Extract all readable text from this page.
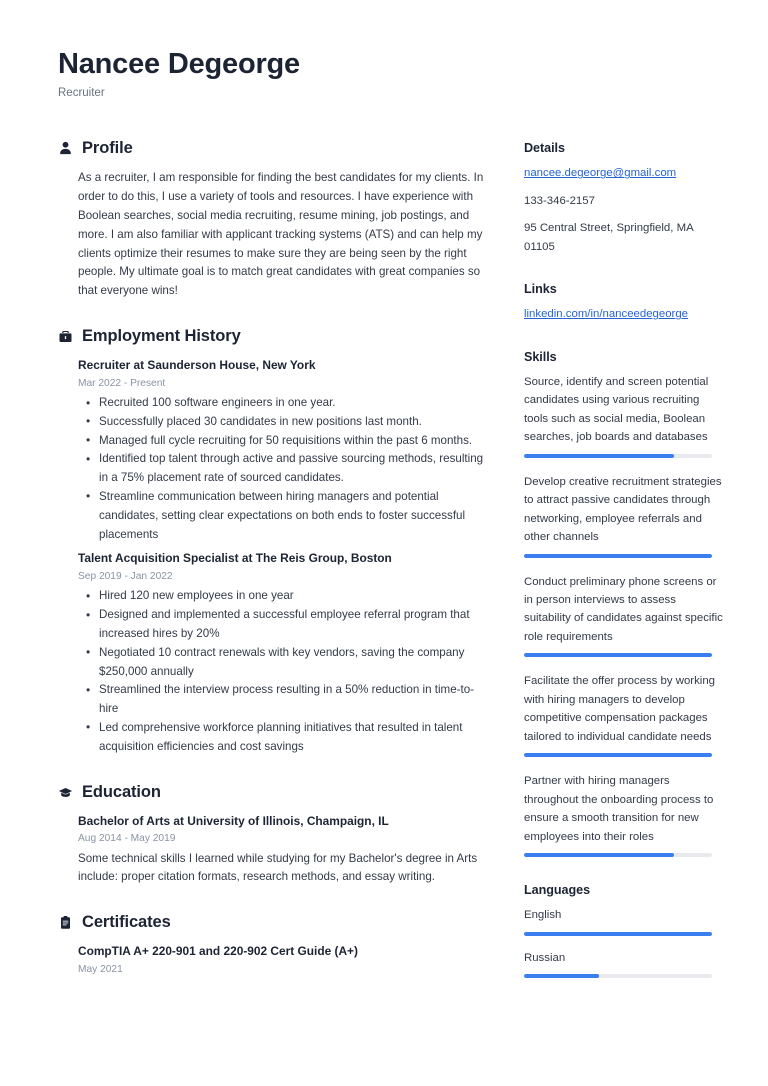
Nancee Degeorge
Recruiter
Profile
As a recruiter, I am responsible for finding the best candidates for my clients. In order to do this, I use a variety of tools and resources. I have experience with Boolean searches, social media recruiting, resume mining, job postings, and more. I am also familiar with applicant tracking systems (ATS) and can help my clients optimize their resumes to make sure they are being seen by the right people. My ultimate goal is to match great candidates with great companies so that everyone wins!
Employment History
Recruiter at Saunderson House, New York
Mar 2022 - Present
• Recruited 100 software engineers in one year.
• Successfully placed 30 candidates in new positions last month.
• Managed full cycle recruiting for 50 requisitions within the past 6 months.
• Identified top talent through active and passive sourcing methods, resulting in a 75% placement rate of sourced candidates.
• Streamline communication between hiring managers and potential candidates, setting clear expectations on both ends to foster successful placements
Talent Acquisition Specialist at The Reis Group, Boston
Sep 2019 - Jan 2022
• Hired 120 new employees in one year
• Designed and implemented a successful employee referral program that increased hires by 20%
• Negotiated 10 contract renewals with key vendors, saving the company $250,000 annually
• Streamlined the interview process resulting in a 50% reduction in time-to-hire
• Led comprehensive workforce planning initiatives that resulted in talent acquisition efficiencies and cost savings
Education
Bachelor of Arts at University of Illinois, Champaign, IL
Aug 2014 - May 2019
Some technical skills I learned while studying for my Bachelor's degree in Arts include: proper citation formats, research methods, and essay writing.
Certificates
CompTIA A+ 220-901 and 220-902 Cert Guide (A+)
May 2021
Details
nancee.degeorge@gmail.com
133-346-2157
95 Central Street, Springfield, MA 01105
Links
linkedin.com/in/nanceedegeorge
Skills
Source, identify and screen potential candidates using various recruiting tools such as social media, Boolean searches, job boards and databases
Develop creative recruitment strategies to attract passive candidates through networking, employee referrals and other channels
Conduct preliminary phone screens or in person interviews to assess suitability of candidates against specific role requirements
Facilitate the offer process by working with hiring managers to develop competitive compensation packages tailored to individual candidate needs
Partner with hiring managers throughout the onboarding process to ensure a smooth transition for new employees into their roles
Languages
English
Russian
